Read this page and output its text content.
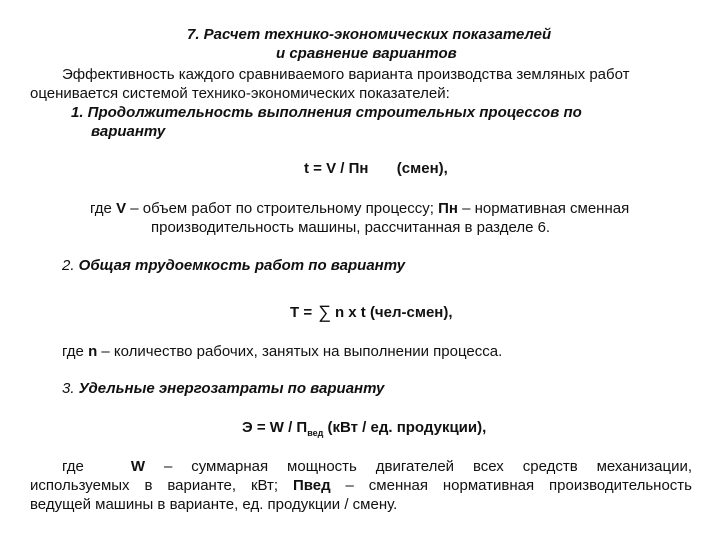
7. Расчет технико-экономических показателей
и сравнение вариантов
Эффективность каждого сравниваемого варианта производства земляных работ
оценивается системой технико-экономических показателей:
1. Продолжительность выполнения строительных процессов по
варианту
t = V / Пн (смен),
где V – объем работ по строительному процессу; Пн – нормативная сменная
производительность машины, рассчитанная в разделе 6.
2. Общая трудоемкость работ по варианту
T = ∑ n x t (чел-смен),
где n – количество рабочих, занятых на выполнении процесса.
3. Удельные энергозатраты по варианту
$Э = W / П_{вед}$ (кВт / ед. продукции),
где	W – суммарная мощность двигателей всех средств механизации,
используемых в варианте, кВт; Пвед – сменная нормативная производительность
ведущей машины в варианте, ед. продукции / смену.
